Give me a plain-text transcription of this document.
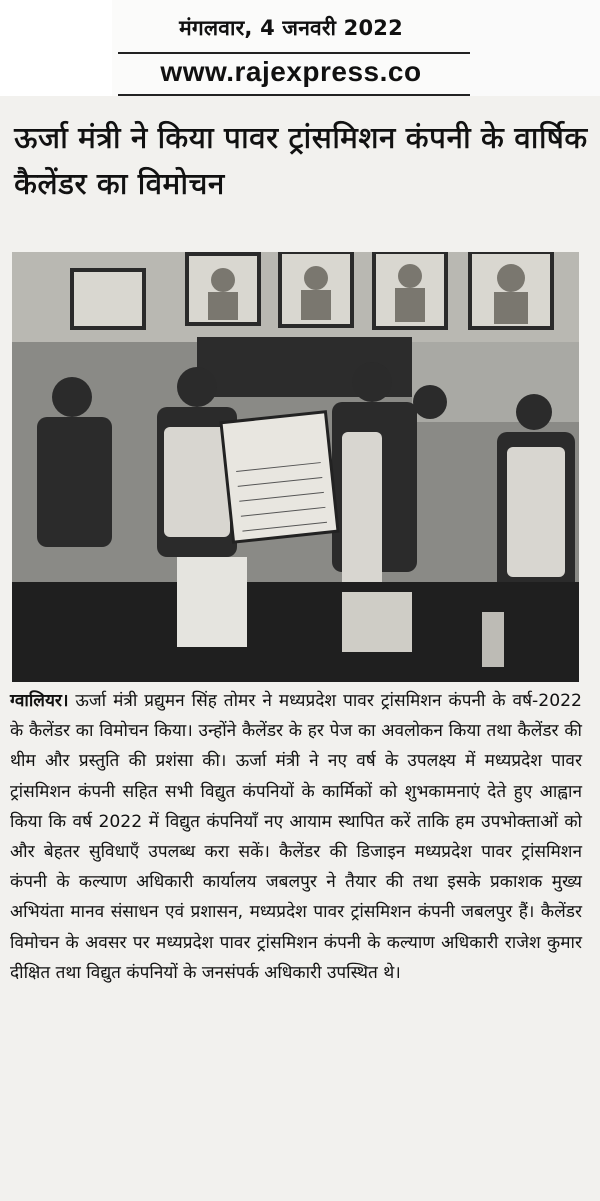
मंगलवार, 4 जनवरी 2022
www.rajexpress.co
ऊर्जा मंत्री ने किया पावर ट्रांसमिशन कंपनी के वार्षिक कैलेंडर का विमोचन
ग्वालियर। ऊर्जा मंत्री प्रद्युमन सिंह तोमर ने मध्यप्रदेश पावर ट्रांसमिशन कंपनी के वर्ष-2022 के कैलेंडर का विमोचन किया। उन्होंने कैलेंडर के हर पेज का अवलोकन किया तथा कैलेंडर की थीम और प्रस्तुति की प्रशंसा की। ऊर्जा मंत्री ने नए वर्ष के उपलक्ष्य में मध्यप्रदेश पावर ट्रांसमिशन कंपनी सहित सभी विद्युत कंपनियों के कार्मिकों को शुभकामनाएं देते हुए आह्वान किया कि वर्ष 2022 में विद्युत कंपनियाँ नए आयाम स्थापित करें ताकि हम उपभोक्ताओं को और बेहतर सुविधाएँ उपलब्ध करा सकें। कैलेंडर की डिजाइन मध्यप्रदेश पावर ट्रांसमिशन कंपनी के कल्याण अधिकारी कार्यालय जबलपुर ने तैयार की तथा इसके प्रकाशक मुख्य अभियंता मानव संसाधन एवं प्रशासन, मध्यप्रदेश पावर ट्रांसमिशन कंपनी जबलपुर हैं। कैलेंडर विमोचन के अवसर पर मध्यप्रदेश पावर ट्रांसमिशन कंपनी के कल्याण अधिकारी राजेश कुमार दीक्षित तथा विद्युत कंपनियों के जनसंपर्क अधिकारी उपस्थित थे।
